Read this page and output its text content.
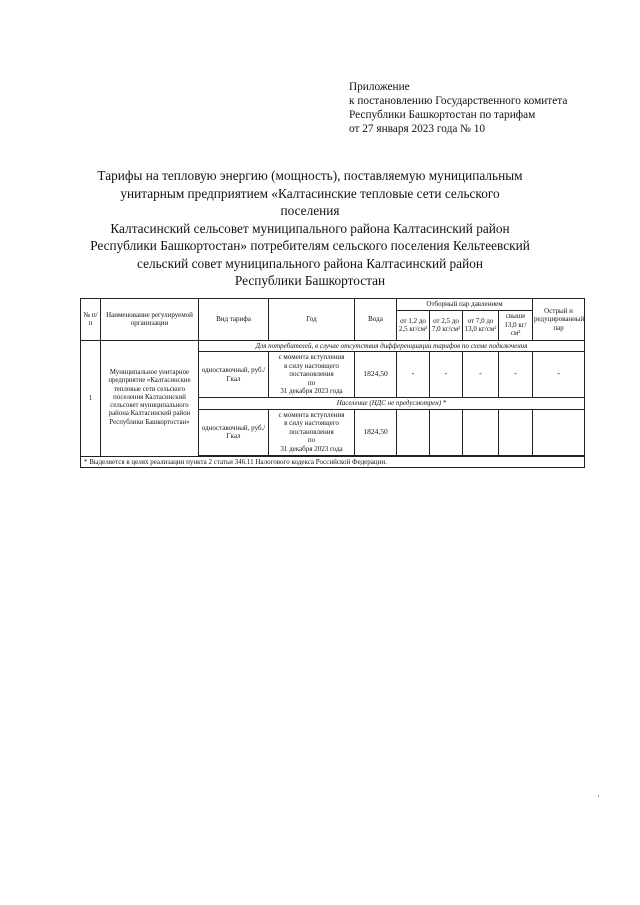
Приложение
к постановлению Государственного комитета
Республики Башкортостан по тарифам
от 27 января 2023 года № 10
Тарифы на тепловую энергию (мощность), поставляемую муниципальным
унитарным предприятием «Калтасинские тепловые сети сельского поселения
Калтасинский сельсовет муниципального района Калтасинский район
Республики Башкортостан» потребителям сельского поселения Кельтеевский
сельский совет муниципального района Калтасинский район
Республики Башкортостан
№ п/п	Наименование регулируемой организации	Вид тарифа	Год	Вода	Отборный пар давлением				Острый и редуцированный пар
					от 1,2 до 2,5 кг/см²	от 2,5 до 7,0 кг/см²	от 7,0 до 13,0 кг/см²	свыше 13,0 кг/см²	
1	Муниципальное унитарное предприятие «Калтасинские тепловые сети сельского поселения Калтасинский сельсовет муниципального района Калтасинский район Республики Башкортостан»	Для потребителей, в случае отсутствия дифференциации тарифов по схеме подключения							
		одноставочный, руб./Гкал	с момента вступления
в силу настоящего
постановления
по
31 декабря 2023 года	1824,50	-	-	-	-	-
		Население (НДС не предусмотрен) *							
		одноставочный, руб./Гкал	с момента вступления
в силу настоящего
постановления
по
31 декабря 2023 года	1824,50					

* Выделяется в целях реализации пункта 2 статьи 346.11 Налогового кодекса Российской Федерации.									
